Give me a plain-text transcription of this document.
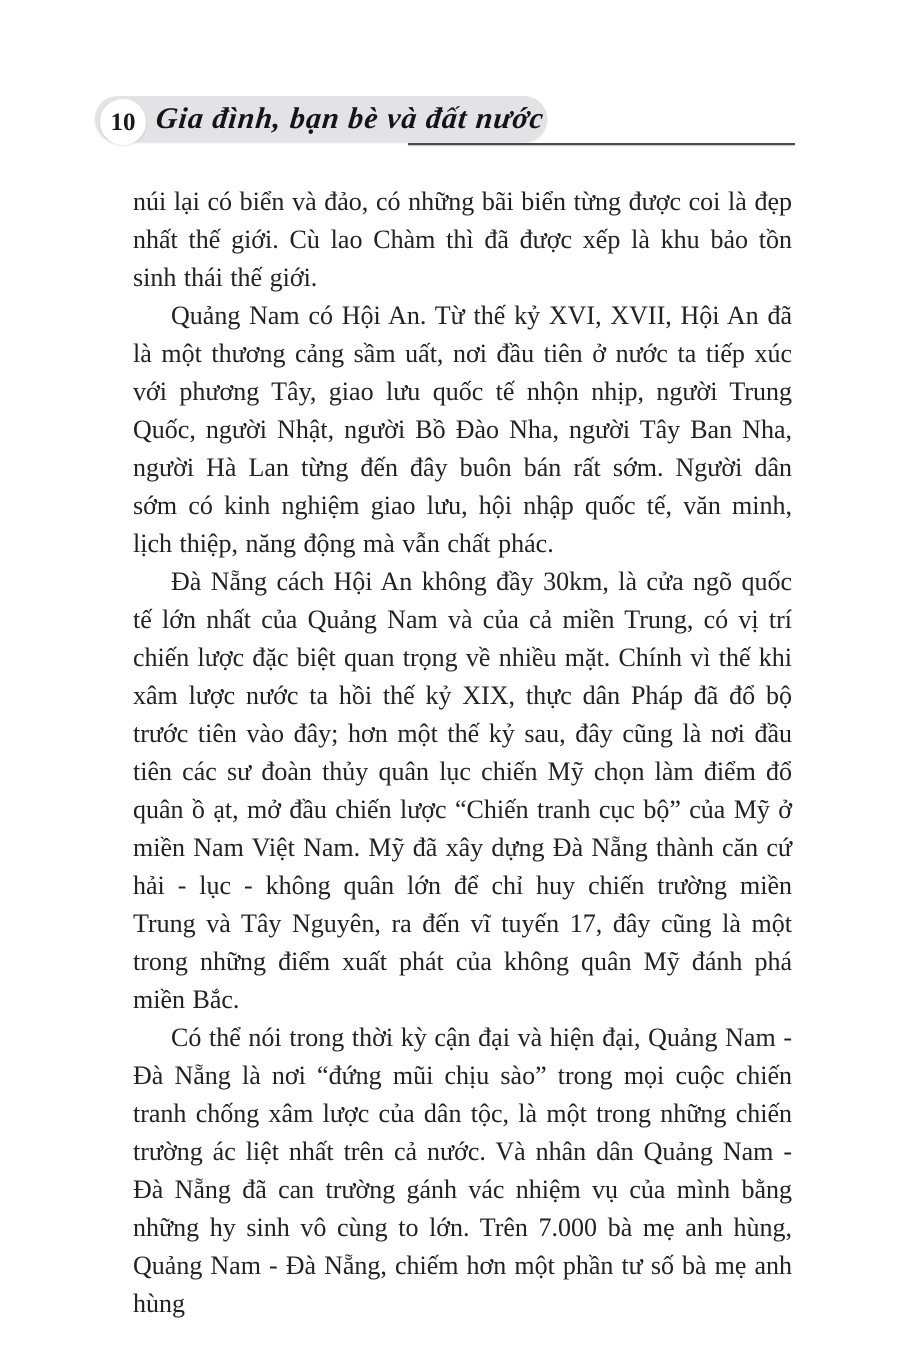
10 Gia đình, bạn bè và đất nước

núi lại có biển và đảo, có những bãi biển từng được coi là đẹp nhất thế giới. Cù lao Chàm thì đã được xếp là khu bảo tồn sinh thái thế giới.

Quảng Nam có Hội An. Từ thế kỷ XVI, XVII, Hội An đã là một thương cảng sầm uất, nơi đầu tiên ở nước ta tiếp xúc với phương Tây, giao lưu quốc tế nhộn nhịp, người Trung Quốc, người Nhật, người Bồ Đào Nha, người Tây Ban Nha, người Hà Lan từng đến đây buôn bán rất sớm. Người dân sớm có kinh nghiệm giao lưu, hội nhập quốc tế, văn minh, lịch thiệp, năng động mà vẫn chất phác.

Đà Nẵng cách Hội An không đầy 30km, là cửa ngõ quốc tế lớn nhất của Quảng Nam và của cả miền Trung, có vị trí chiến lược đặc biệt quan trọng về nhiều mặt. Chính vì thế khi xâm lược nước ta hồi thế kỷ XIX, thực dân Pháp đã đổ bộ trước tiên vào đây; hơn một thế kỷ sau, đây cũng là nơi đầu tiên các sư đoàn thủy quân lục chiến Mỹ chọn làm điểm đổ quân ồ ạt, mở đầu chiến lược “Chiến tranh cục bộ” của Mỹ ở miền Nam Việt Nam. Mỹ đã xây dựng Đà Nẵng thành căn cứ hải - lục - không quân lớn để chỉ huy chiến trường miền Trung và Tây Nguyên, ra đến vĩ tuyến 17, đây cũng là một trong những điểm xuất phát của không quân Mỹ đánh phá miền Bắc.

Có thể nói trong thời kỳ cận đại và hiện đại, Quảng Nam - Đà Nẵng là nơi “đứng mũi chịu sào” trong mọi cuộc chiến tranh chống xâm lược của dân tộc, là một trong những chiến trường ác liệt nhất trên cả nước. Và nhân dân Quảng Nam - Đà Nẵng đã can trường gánh vác nhiệm vụ của mình bằng những hy sinh vô cùng to lớn. Trên 7.000 bà mẹ anh hùng, Quảng Nam - Đà Nẵng, chiếm hơn một phần tư số bà mẹ anh hùng
